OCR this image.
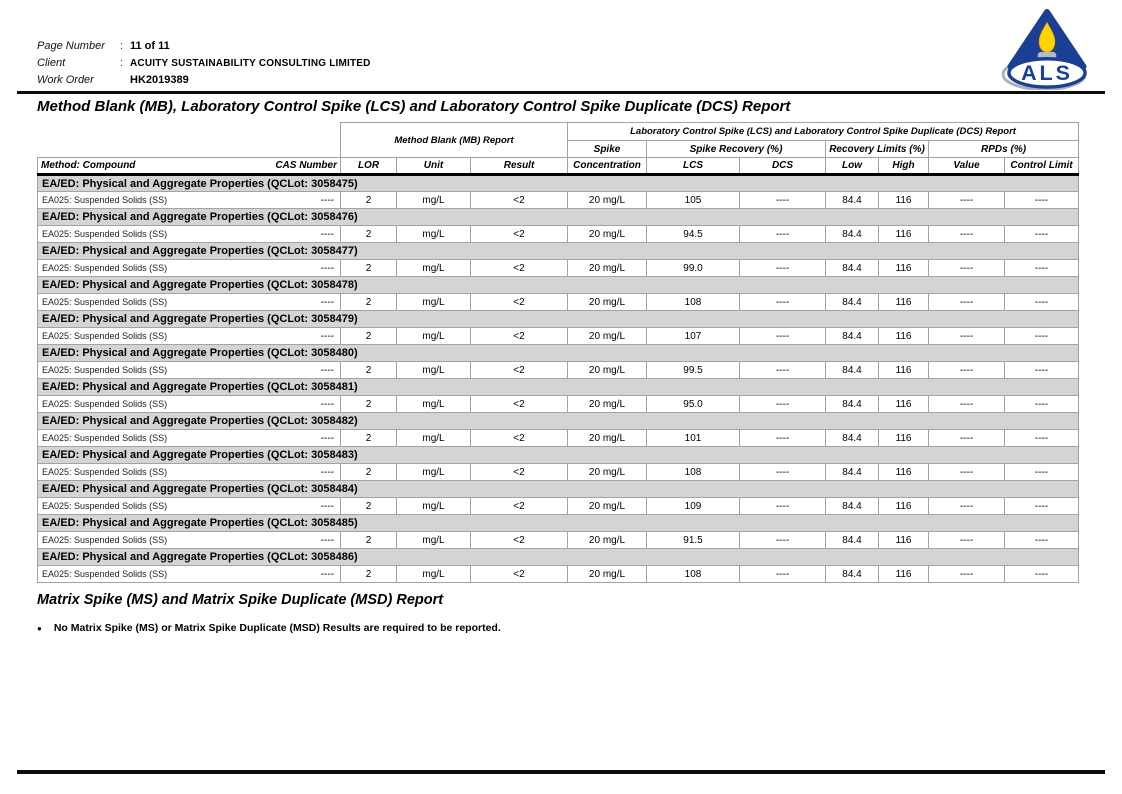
Page Number	: 11 of 11
Client	: ACUITY SUSTAINABILITY CONSULTING LIMITED
Work Order	HK2019389	ALS
Method Blank (MB), Laboratory Control Spike (LCS) and Laboratory Control Spike Duplicate (DCS) Report
		Method Blank (MB) Report			Laboratory Control Spike (LCS) and Laboratory Control Spike Duplicate (DCS) Report						
					Spike	Spike Recovery (%)		Recovery Limits (%)		RPDs (%)	
Method: Compound	CAS Number	LOR	Unit	Result	Concentration	LCS	DCS	Low	High	Value	Control Limit
EA/ED: Physical and Aggregate Properties (QCLot: 3058475)											
EA025: Suspended Solids (SS)	----	2	mg/L	<2	20 mg/L	105	----	84.4	116	----	----
EA/ED: Physical and Aggregate Properties (QCLot: 3058476)											
EA025: Suspended Solids (SS)	----	2	mg/L	<2	20 mg/L	94.5	----	84.4	116	----	----
EA/ED: Physical and Aggregate Properties (QCLot: 3058477)											
EA025: Suspended Solids (SS)	----	2	mg/L	<2	20 mg/L	99.0	----	84.4	116	----	----
EA/ED: Physical and Aggregate Properties (QCLot: 3058478)											
EA025: Suspended Solids (SS)	----	2	mg/L	<2	20 mg/L	108	----	84.4	116	----	----
EA/ED: Physical and Aggregate Properties (QCLot: 3058479)											
EA025: Suspended Solids (SS)	----	2	mg/L	<2	20 mg/L	107	----	84.4	116	----	----
EA/ED: Physical and Aggregate Properties (QCLot: 3058480)											
EA025: Suspended Solids (SS)	----	2	mg/L	<2	20 mg/L	99.5	----	84.4	116	----	----
EA/ED: Physical and Aggregate Properties (QCLot: 3058481)											
EA025: Suspended Solids (SS)	----	2	mg/L	<2	20 mg/L	95.0	----	84.4	116	----	----
EA/ED: Physical and Aggregate Properties (QCLot: 3058482)											
EA025: Suspended Solids (SS)	----	2	mg/L	<2	20 mg/L	101	----	84.4	116	----	----
EA/ED: Physical and Aggregate Properties (QCLot: 3058483)											
EA025: Suspended Solids (SS)	----	2	mg/L	<2	20 mg/L	108	----	84.4	116	----	----
EA/ED: Physical and Aggregate Properties (QCLot: 3058484)											
EA025: Suspended Solids (SS)	----	2	mg/L	<2	20 mg/L	109	----	84.4	116	----	----
EA/ED: Physical and Aggregate Properties (QCLot: 3058485)											
EA025: Suspended Solids (SS)	----	2	mg/L	<2	20 mg/L	91.5	----	84.4	116	----	----
EA/ED: Physical and Aggregate Properties (QCLot: 3058486)											
EA025: Suspended Solids (SS)	----	2	mg/L	<2	20 mg/L	108	----	84.4	116	----	----
Matrix Spike (MS) and Matrix Spike Duplicate (MSD) Report
● No Matrix Spike (MS) or Matrix Spike Duplicate (MSD) Results are required to be reported.
